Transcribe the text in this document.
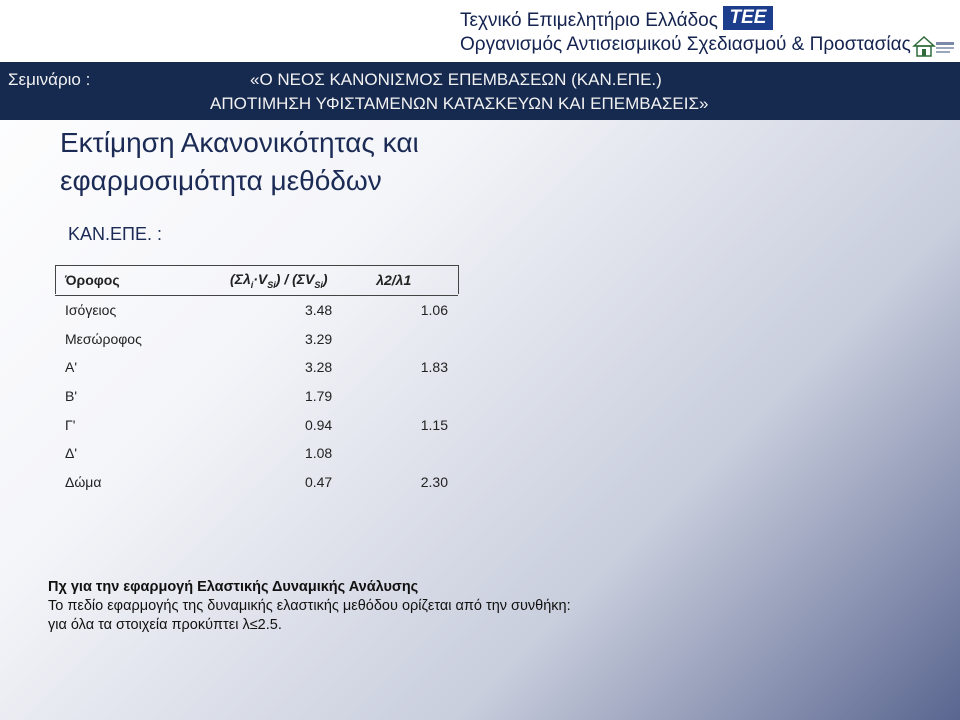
Τεχνικό Επιμελητήριο Ελλάδος ΤΕΕ
Οργανισμός Αντισεισμικού Σχεδιασμού & Προστασίας
Σεμινάριο :	«Ο ΝΕΟΣ ΚΑΝΟΝΙΣΜΟΣ ΕΠΕΜΒΑΣΕΩΝ (ΚΑΝ.ΕΠΕ.)
ΑΠΟΤΙΜΗΣΗ ΥΦΙΣΤΑΜΕΝΩΝ ΚΑΤΑΣΚΕΥΩΝ ΚΑΙ ΕΠΕΜΒΑΣΕΙΣ»
Εκτίμηση Ακανονικότητας και
εφαρμοσιμότητα μεθόδων
ΚΑΝ.ΕΠΕ. :
Όροφος	$(\Sigma\lambda_i\cdot V_{Si}) / (\Sigma V_{Si})$	λ2/λ1
Ισόγειος	3.48	1.06
Μεσώροφος	3.29	
Α'	3.28	1.83
Β'	1.79	
Γ'	0.94	1.15
Δ'	1.08	
Δώμα	0.47	2.30
Πχ για την εφαρμογή Ελαστικής Δυναμικής Ανάλυσης
Το πεδίο εφαρμογής της δυναμικής ελαστικής μεθόδου ορίζεται από την συνθήκη:
για όλα τα στοιχεία προκύπτει λ≤2.5.
